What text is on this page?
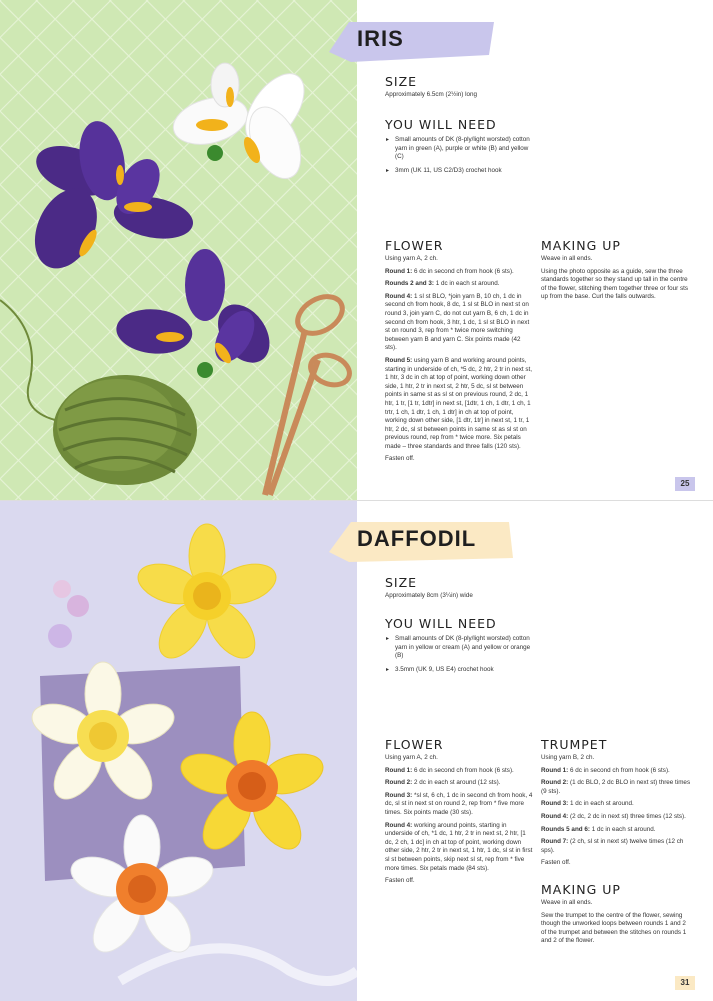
IRIS
SIZE
Approximately 6.5cm (2½in) long
YOU WILL NEED
▸ Small amounts of DK (8-ply/light worsted) cotton yarn in green (A), purple or white (B) and yellow (C)
▸ 3mm (UK 11, US C2/D3) crochet hook
FLOWER

Using yarn A, 2 ch.

Round 1: 6 dc in second ch from hook (6 sts).

Rounds 2 and 3: 1 dc in each st around.

Round 4: 1 sl st BLO, *join yarn B, 10 ch, 1 dc in second ch from hook, 8 dc, 1 sl st BLO in next st on round 3, join yarn C, do not cut yarn B, 6 ch, 1 dc in second ch from hook, 3 htr, 1 dc, 1 sl st BLO in next st on round 3, rep from * twice more switching between yarn B and yarn C. Six points made (42 sts).

Round 5: using yarn B and working around points, starting in underside of ch, *5 dc, 2 htr, 2 tr in next st, 1 htr, 3 dc in ch at top of point, working down other side, 1 htr, 2 tr in next st, 2 htr, 5 dc, sl st between points in same st as sl st on previous round, 2 dc, 1 htr, 1 tr, [1 tr, 1dtr] in next st, [1dtr, 1 ch, 1 dtr, 1 ch, 1 trtr, 1 ch, 1 dtr, 1 ch, 1 dtr] in ch at top of point, working down other side, [1 dtr, 1tr] in next st, 1 tr, 1 htr, 2 dc, sl st between points in same st as sl st on previous round, rep from * twice more. Six petals made – three standards and three falls (120 sts).

Fasten off.

MAKING UP

Weave in all ends.

Using the photo opposite as a guide, sew the three standards together so they stand up tall in the centre of the flower, stitching them together three or four sts up from the base. Curl the falls outwards.

25
DAFFODIL
SIZE
Approximately 8cm (3¼in) wide
YOU WILL NEED
▸ Small amounts of DK (8-ply/light worsted) cotton yarn in yellow or cream (A) and yellow or orange (B)
▸ 3.5mm (UK 9, US E4) crochet hook
FLOWER

Using yarn A, 2 ch.

Round 1: 6 dc in second ch from hook (6 sts).

Round 2: 2 dc in each st around (12 sts).

Round 3: *sl st, 6 ch, 1 dc in second ch from hook, 4 dc, sl st in next st on round 2, rep from * five more times. Six points made (30 sts).

Round 4: working around points, starting in underside of ch, *1 dc, 1 htr, 2 tr in next st, 2 htr, [1 dc, 2 ch, 1 dc] in ch at top of point, working down other side, 2 htr, 2 tr in next st, 1 htr, 1 dc, sl st in first sl st between points, skip next sl st, rep from * five more times. Six petals made (84 sts).

Fasten off.

TRUMPET

Using yarn B, 2 ch.

Round 1: 6 dc in second ch from hook (6 sts).

Round 2: (1 dc BLO, 2 dc BLO in next st) three times (9 sts).

Round 3: 1 dc in each st around.

Round 4: (2 dc, 2 dc in next st) three times (12 sts).

Rounds 5 and 6: 1 dc in each st around.

Round 7: (2 ch, sl st in next st) twelve times (12 ch sps).

Fasten off.

MAKING UP

Weave in all ends.

Sew the trumpet to the centre of the flower, sewing though the unworked loops between rounds 1 and 2 of the trumpet and between the stitches on rounds 1 and 2 of the flower.

31
